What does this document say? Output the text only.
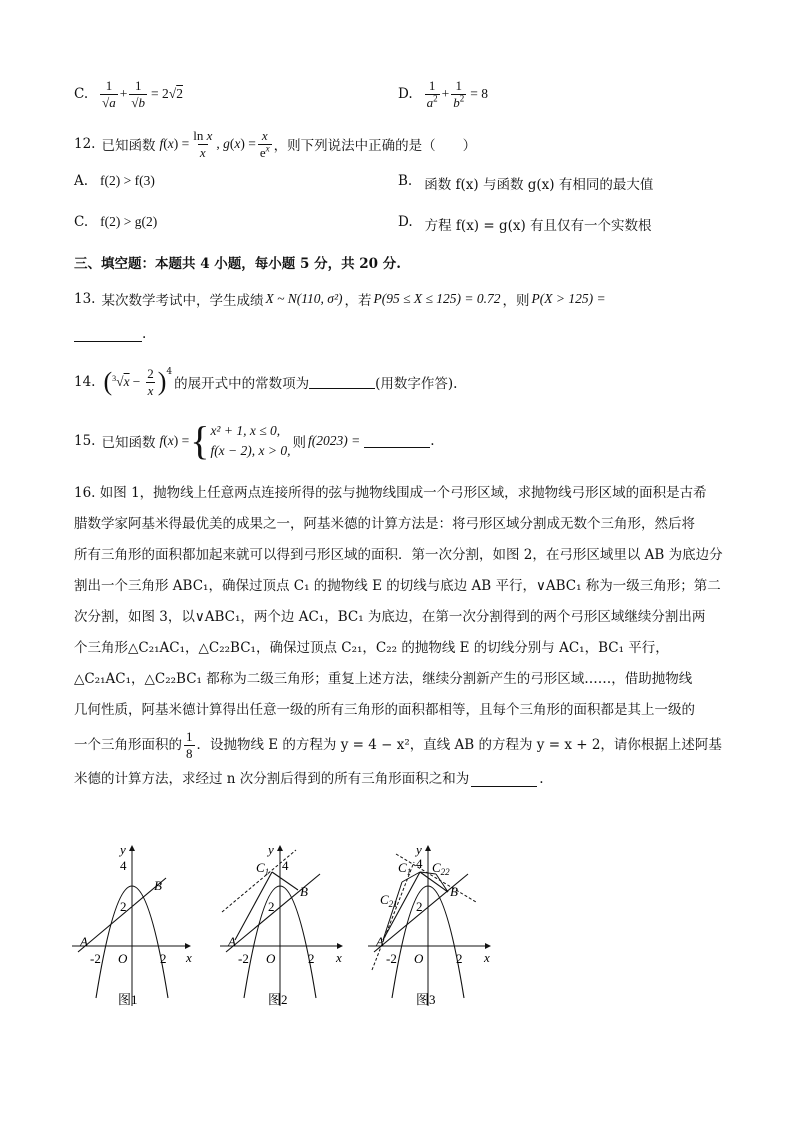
C. $\frac{1}{√a} + \frac{1}{√b} = 2$ √ 2	D. $\frac{1}{a^2} + \frac{1}{b^2} = 8$
12. 已知函数 f ( x ) = $\frac{\text{ln x}}{x}$ , g ( x ) = $\frac{x}{e^x}$ ，则下列说法中正确的是（　　）
A. f(2) > f(3)	B. 函数 f(x) 与函数 g(x) 有相同的最大值
C. f(2) > g(2)	D. 方程 f(x) = g(x) 有且仅有一个实数根
三、填空题：本题共 4 小题，每小题 5 分，共 20 分.
13. 某次数学考试中，学生成绩 X ~ N(110, σ²) ，若 P(95 ≤ X ≤ 125) = 0.72 ，则 P(X > 125) =
.
14. ( 3 $√x - \frac{2}{x} )^4$
的展开式中的常数项为	(用数字作答).
15. 已知函数 f ( x ) = { x² + 1, x ≤ 0,
f(x − 2), x > 0, 则 f(2023) =	.
16. 如图 1，抛物线上任意两点连接所得的弦与抛物线围成一个弓形区域，求抛物线弓形区域的面积是古希
腊数学家阿基米得最优美的成果之一，阿基米德的计算方法是：将弓形区域分割成无数个三角形，然后将
所有三角形的面积都加起来就可以得到弓形区域的面积．第一次分割，如图 2，在弓形区域里以 AB 为底边分
割出一个三角形 ABC₁，确保过顶点 C₁ 的抛物线 E 的切线与底边 AB 平行，∨ABC₁ 称为一级三角形；第二
次分割，如图 3，以∨ABC₁，两个边 AC₁，BC₁ 为底边，在第一次分割得到的两个弓形区域继续分割出两
个三角形△C₂₁AC₁，△C₂₂BC₁，确保过顶点 C₂₁，C₂₂ 的抛物线 E 的切线分别与 AC₁，BC₁ 平行，
△C₂₁AC₁，△C₂₂BC₁ 都称为二级三角形；重复上述方法，继续分割新产生的弓形区域……，借助抛物线
几何性质，阿基米德计算得出任意一级的所有三角形的面积都相等，且每个三角形的面积都是其上一级的
一个三角形面积的 $\frac{1}{8}$ ．设抛物线 E 的方程为 y = 4 − x²，直线 AB 的方程为 y = x + 2，请你根据上述阿基
米德的计算方法，求经过 n 次分割后得到的所有三角形面积之和为	.
y
x
O
A
B
4
2
-2	2
图1
y
x
O
A
B
$C_1$ 4
2
-2	2
图2
y
x
O
A
B
$C_1$
$C_{21}$
$C_{22}$
4
2
-2	2
图3
